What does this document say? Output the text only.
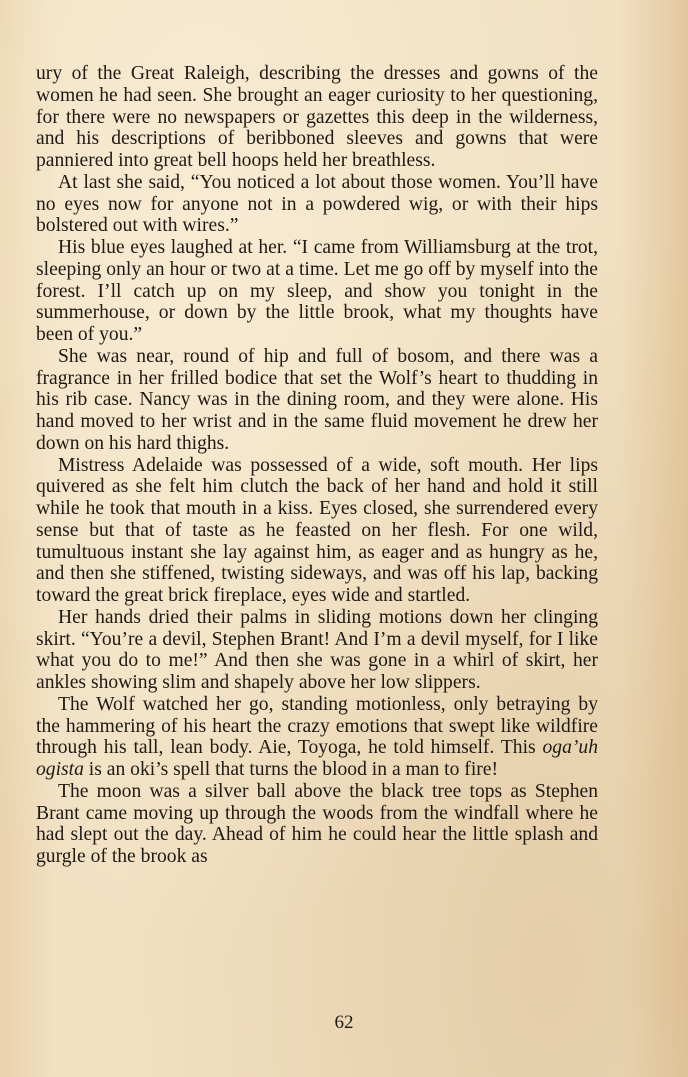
ury of the Great Raleigh, describing the dresses and gowns of the women he had seen. She brought an eager curiosity to her questioning, for there were no newspapers or gazettes this deep in the wilderness, and his descriptions of beribboned sleeves and gowns that were panniered into great bell hoops held her breathless.

At last she said, “You noticed a lot about those women. You’ll have no eyes now for anyone not in a powdered wig, or with their hips bolstered out with wires.”

His blue eyes laughed at her. “I came from Williamsburg at the trot, sleeping only an hour or two at a time. Let me go off by myself into the forest. I’ll catch up on my sleep, and show you tonight in the summerhouse, or down by the little brook, what my thoughts have been of you.”

She was near, round of hip and full of bosom, and there was a fragrance in her frilled bodice that set the Wolf’s heart to thudding in his rib case. Nancy was in the dining room, and they were alone. His hand moved to her wrist and in the same fluid movement he drew her down on his hard thighs.

Mistress Adelaide was possessed of a wide, soft mouth. Her lips quivered as she felt him clutch the back of her hand and hold it still while he took that mouth in a kiss. Eyes closed, she surrendered every sense but that of taste as he feasted on her flesh. For one wild, tumultuous instant she lay against him, as eager and as hungry as he, and then she stiffened, twisting sideways, and was off his lap, backing toward the great brick fireplace, eyes wide and startled.

Her hands dried their palms in sliding motions down her clinging skirt. “You’re a devil, Stephen Brant! And I’m a devil myself, for I like what you do to me!” And then she was gone in a whirl of skirt, her ankles showing slim and shapely above her low slippers.

The Wolf watched her go, standing motionless, only betraying by the hammering of his heart the crazy emotions that swept like wildfire through his tall, lean body. Aie, Toyoga, he told himself. This oga’uh ogista is an oki’s spell that turns the blood in a man to fire!

The moon was a silver ball above the black tree tops as Stephen Brant came moving up through the woods from the windfall where he had slept out the day. Ahead of him he could hear the little splash and gurgle of the brook as

62
